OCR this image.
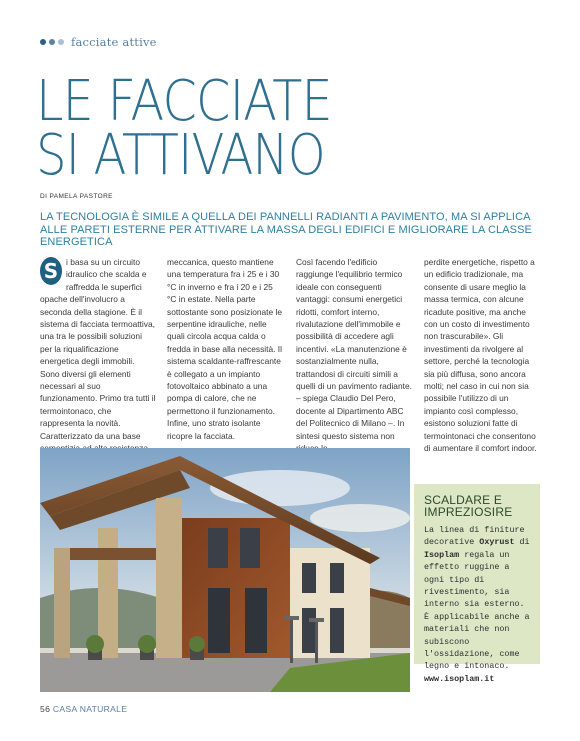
facciate attive
LE FACCIATE
SI ATTIVANO
DI PAMELA PASTORE
LA TECNOLOGIA È SIMILE A QUELLA DEI PANNELLI RADIANTI A PAVIMENTO, MA SI APPLICA ALLE PARETI ESTERNE PER ATTIVARE LA MASSA DEGLI EDIFICI E MIGLIORARE LA CLASSE ENERGETICA
S i basa su un circuito idraulico che scalda e raffredda le superfici opache dell'involucro a seconda della stagione. È il sistema di facciata termoattiva, una tra le possibili soluzioni per la riqualificazione energetica degli immobili.

Sono diversi gli elementi necessari al suo funzionamento. Primo tra tutti il termointonaco, che rappresenta la novità. Caratterizzato da una base

meccanica, questo mantiene una temperatura fra i 25 e i 30 °C in inverno e fra i 20 e i 25 °C in estate. Nella parte sottostante sono posizionate le serpentine idrauliche, nelle quali circola acqua calda o fredda in base alla necessità. Il sistema scaldante-raffrescante è collegato a un impianto fotovoltaico abbinato a una pompa di calore, che ne permettono il funzionamento. Infine, uno strato isolante ricopre la facciata.

Così facendo l'edificio raggiunge l'equilibrio termico ideale con conseguenti vantaggi: consumi energetici ridotti, comfort interno, rivalutazione dell'immobile e possibilità di accedere agli incentivi. «La manutenzione è sostanzialmente nulla, trattandosi di circuiti simili a quelli di un pavimento radiante. – spiega Claudio Del Pero, docente al Dipartimento ABC del Politecnico di Milano –. In sintesi questo sistema non

perdite energetiche, rispetto a un edificio tradizionale, ma consente di usare meglio la massa termica, con alcune ricadute positive, ma anche con un costo di investimento non trascurabile». Gli investimenti da rivolgere al settore, perché la tecnologia sia più diffusa, sono ancora molti; nel caso in cui non sia possibile l'utilizzo di un impianto così complesso, esistono soluzioni fatte di termointonaci che consentono di aumentare il comfort indoor.

SCALDARE E IMPREZIOSIRE
La linea di finiture decorative Oxyrust di Isoplam regala un effetto ruggine a ogni tipo di rivestimento, sia interno sia esterno. È applicabile anche a materiali che non subiscono l'ossidazione, come legno e intonaco. www.isoplam.it
56 CASA NATURALE
